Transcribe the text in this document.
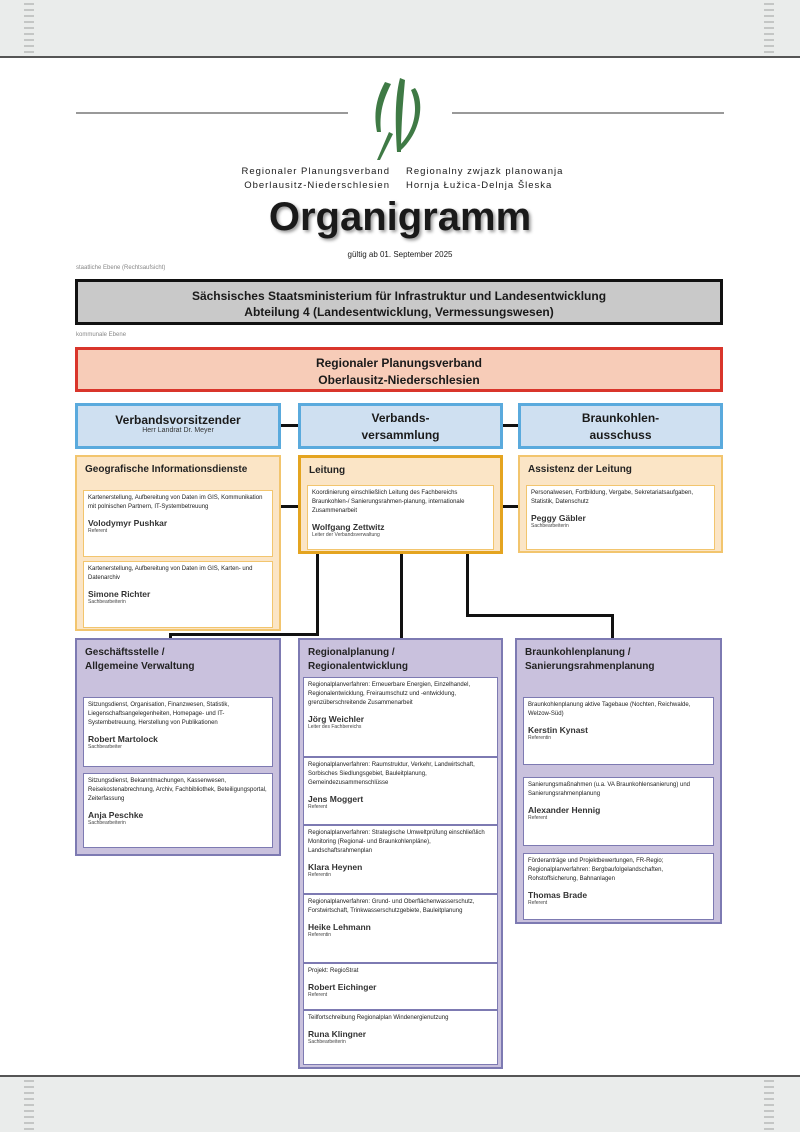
Regionaler Planungsverband
Oberlausitz-Niederschlesien
Regionalny zwjazk planowanja
Hornja Łužica-Delnja Šleska
Organigramm
gültig ab 01. September 2025
staatliche Ebene (Rechtsaufsicht)
Sächsisches Staatsministerium für Infrastruktur und Landesentwicklung
Abteilung 4 (Landesentwicklung, Vermessungswesen)
kommunale Ebene
Regionaler Planungsverband
Oberlausitz-Niederschlesien
Verbandsvorsitzender
Herr Landrat Dr. Meyer
Verbands-
versammlung
Braunkohlen-
ausschuss
Geografische Informationsdienste
Kartenerstellung, Aufbereitung von Daten im GIS, Kommunikation mit polnischen Partnern, IT-Systembetreuung
Volodymyr Pushkar
Referent
Kartenerstellung, Aufbereitung von Daten im GIS, Karten- und Datenarchiv
Simone Richter
Sachbearbeiterin
Leitung
Koordinierung einschließlich Leitung des Fachbereichs Braunkohlen-/ Sanierungsrahmen-planung, internationale Zusammenarbeit
Wolfgang Zettwitz
Leiter der Verbandsverwaltung
Assistenz der Leitung
Personalwesen, Fortbildung, Vergabe, Sekretariatsaufgaben, Statistik, Datenschutz
Peggy Gäbler
Sachbearbeiterin
Geschäftsstelle /
Allgemeine Verwaltung
Sitzungsdienst, Organisation, Finanzwesen, Statistik, Liegenschaftsangelegenheiten, Homepage- und IT-Systembetreuung, Herstellung von Publikationen
Robert Martolock
Sachbearbeiter
Sitzungsdienst, Bekanntmachungen, Kassenwesen, Reisekostenabrechnung, Archiv, Fachbibliothek, Beteiligungsportal, Zeiterfassung
Anja Peschke
Sachbearbeiterin
Regionalplanung /
Regionalentwicklung
Regionalplanverfahren: Erneuerbare Energien, Einzelhandel, Regionalentwicklung, Freiraumschutz und -entwicklung, grenzüberschreitende Zusammenarbeit
Jörg Weichler
Leiter des Fachbereichs
Regionalplanverfahren: Raumstruktur, Verkehr, Landwirtschaft, Sorbisches Siedlungsgebiet, Bauleitplanung, Gemeindezusammenschlüsse
Jens Moggert
Referent
Regionalplanverfahren: Strategische Umweltprüfung einschließlich Monitoring (Regional- und Braunkohlenpläne), Landschaftsrahmenplan
Klara Heynen
Referentin
Regionalplanverfahren: Grund- und Oberflächenwasserschutz, Forstwirtschaft, Trinkwasserschutzgebiete, Bauleitplanung
Heike Lehmann
Referentin
Projekt: RegioStrat
Robert Eichinger
Referent
Teilfortschreibung Regionalplan Windenergienutzung
Runa Klingner
Sachbearbeiterin
Braunkohlenplanung /
Sanierungsrahmenplanung
Braunkohlenplanung aktive Tagebaue (Nochten, Reichwalde, Welzow-Süd)
Kerstin Kynast
Referentin
Sanierungsmaßnahmen (u.a. VA Braunkohlensanierung) und Sanierungsrahmenplanung
Alexander Hennig
Referent
Förderanträge und Projektbewertungen, FR-Regio; Regionalplanverfahren: Bergbaufolgelandschaften, Rohstoffsicherung, Bahnanlagen
Thomas Brade
Referent
